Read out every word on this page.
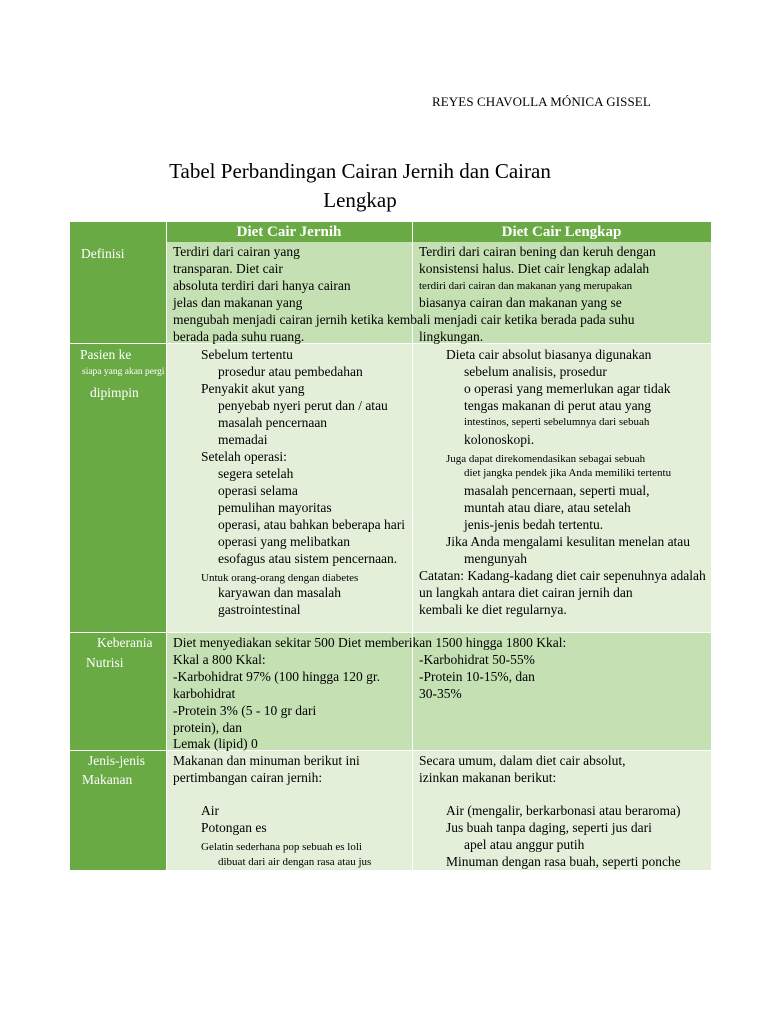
REYES CHAVOLLA MÓNICA GISSEL
Tabel Perbandingan Cairan Jernih dan Cairan
Lengkap
Diet Cair Jernih	Diet Cair Lengkap
Definisi
Pasien ke
siapa yang akan pergi
dipimpin
Keberania
Nutrisi
Jenis-jenis
Makanan
Terdiri dari cairan yang
transparan. Diet cair
absoluta terdiri dari hanya cairan
jelas dan makanan yang
mengubah menjadi cairan jernih ketika kembali menjadi cair ketika berada pada suhu
berada pada suhu ruang.
Terdiri dari cairan bening dan keruh dengan
konsistensi halus. Diet cair lengkap adalah
terdiri dari cairan dan makanan yang merupakan
biasanya cairan dan makanan yang se
lingkungan.
Sebelum tertentu
prosedur atau pembedahan
Penyakit akut yang
penyebab nyeri perut dan / atau
masalah pencernaan
memadai
Setelah operasi:
segera setelah
operasi selama
pemulihan mayoritas
operasi, atau bahkan beberapa hari
operasi yang melibatkan
esofagus atau sistem pencernaan.
Untuk orang-orang dengan diabetes
karyawan dan masalah
gastrointestinal
Dieta cair absolut biasanya digunakan
sebelum analisis, prosedur
o operasi yang memerlukan agar tidak
tengas makanan di perut atau yang
intestinos, seperti sebelumnya dari sebuah
kolonoskopi.
Juga dapat direkomendasikan sebagai sebuah
diet jangka pendek jika Anda memiliki tertentu
masalah pencernaan, seperti mual,
muntah atau diare, atau setelah
jenis-jenis bedah tertentu.
Jika Anda mengalami kesulitan menelan atau
mengunyah
Catatan: Kadang-kadang diet cair sepenuhnya adalah
un langkah antara diet cairan jernih dan
kembali ke diet regularnya.
Diet menyediakan sekitar 500 Diet memberikan 1500 hingga 1800 Kkal:
Kkal a 800 Kkal:
-Karbohidrat 97% (100 hingga 120 gr.
karbohidrat
-Protein 3% (5 - 10 gr dari
protein), dan
Lemak (lipid) 0
-Karbohidrat 50-55%
-Protein 10-15%, dan
30-35%
Makanan dan minuman berikut ini
pertimbangan cairan jernih:
Air
Potongan es
Gelatin sederhana pop sebuah es loli
dibuat dari air dengan rasa atau jus
Secara umum, dalam diet cair absolut,
izinkan makanan berikut:
Air (mengalir, berkarbonasi atau beraroma)
Jus buah tanpa daging, seperti jus dari
apel atau anggur putih
Minuman dengan rasa buah, seperti ponche
